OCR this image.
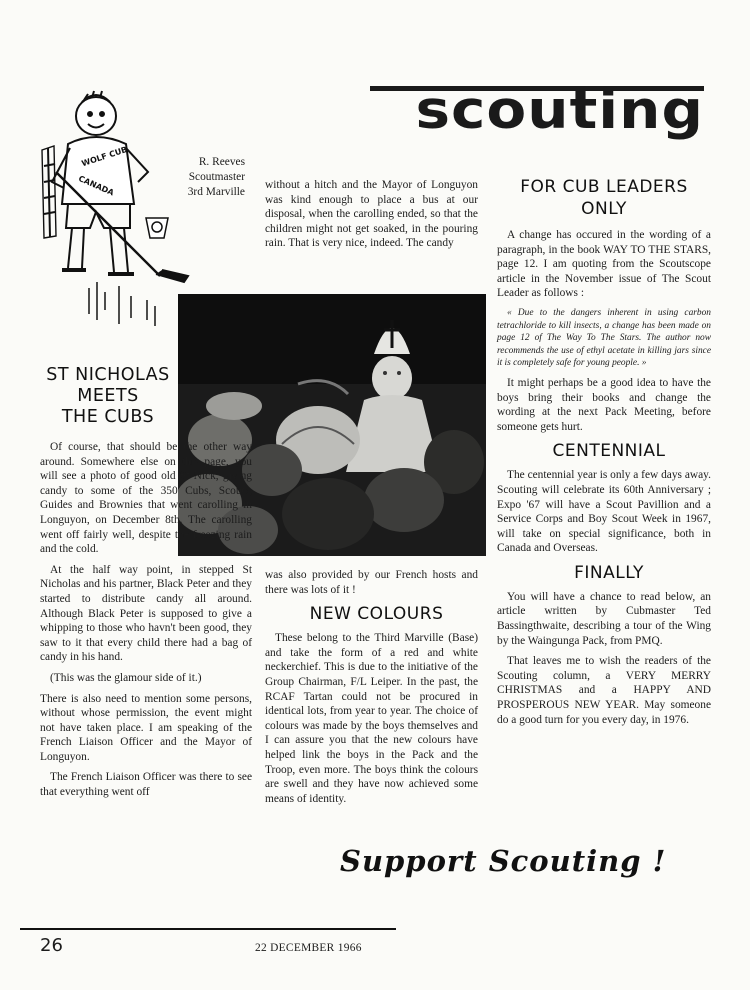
scouting
WOLF CUB
CANADA
R. Reeves
Scoutmaster
3rd Marville
ST NICHOLAS
MEETS
THE CUBS

Of course, that should be the other way around. Somewhere else on this page, you will see a photo of good old St Nick, giving candy to some of the 350 Cubs, Scouts, Guides and Brownies that went carolling in Longuyon, on December 8th. The carolling went off fairly well, despite the freezing rain and the cold.

At the half way point, in stepped St Nicholas and his partner, Black Peter and they started to distribute candy all around. Although Black Peter is supposed to give a whipping to those who havn't been good, they saw to it that every child there had a bag of candy in his hand.

(This was the glamour side of it.)

There is also need to mention some persons, without whose permission, the event might not have taken place. I am speaking of the French Liaison Officer and the Mayor of Longuyon.

The French Liaison Officer was there to see that everything went off

without a hitch and the Mayor of Longuyon was kind enough to place a bus at our disposal, when the carolling ended, so that the children might not get soaked, in the pouring rain. That is very nice, indeed. The candy

was also provided by our French hosts and there was lots of it !

NEW COLOURS

These belong to the Third Marville (Base) and take the form of a red and white neckerchief. This is due to the initiative of the Group Chairman, F/L Leiper. In the past, the RCAF Tartan could not be procured in identical lots, from year to year. The choice of colours was made by the boys themselves and I can assure you that the new colours have helped link the boys in the Pack and the Troop, even more. The boys think the colours are swell and they have now achieved some means of identity.

FOR CUB LEADERS
ONLY

A change has occured in the wording of a paragraph, in the book WAY TO THE STARS, page 12. I am quoting from the Scoutscope article in the November issue of The Scout Leader as follows :

« Due to the dangers inherent in using carbon tetrachloride to kill insects, a change has been made on page 12 of The Way To The Stars. The author now recommends the use of ethyl acetate in killing jars since it is completely safe for young people. »

It might perhaps be a good idea to have the boys bring their books and change the wording at the next Pack Meeting, before someone gets hurt.

CENTENNIAL

The centennial year is only a few days away. Scouting will celebrate its 60th Anniversary ; Expo '67 will have a Scout Pavillion and a Service Corps and Boy Scout Week in 1967, will take on special significance, both in Canada and Overseas.

FINALLY

You will have a chance to read below, an article written by Cubmaster Ted Bassingthwaite, describing a tour of the Wing by the Waingunga Pack, from PMQ.

That leaves me to wish the readers of the Scouting column, a VERY MERRY CHRISTMAS and a HAPPY AND PROSPEROUS NEW YEAR. May someone do a good turn for you every day, in 1976.

Support Scouting !
26	22 DECEMBER 1966
